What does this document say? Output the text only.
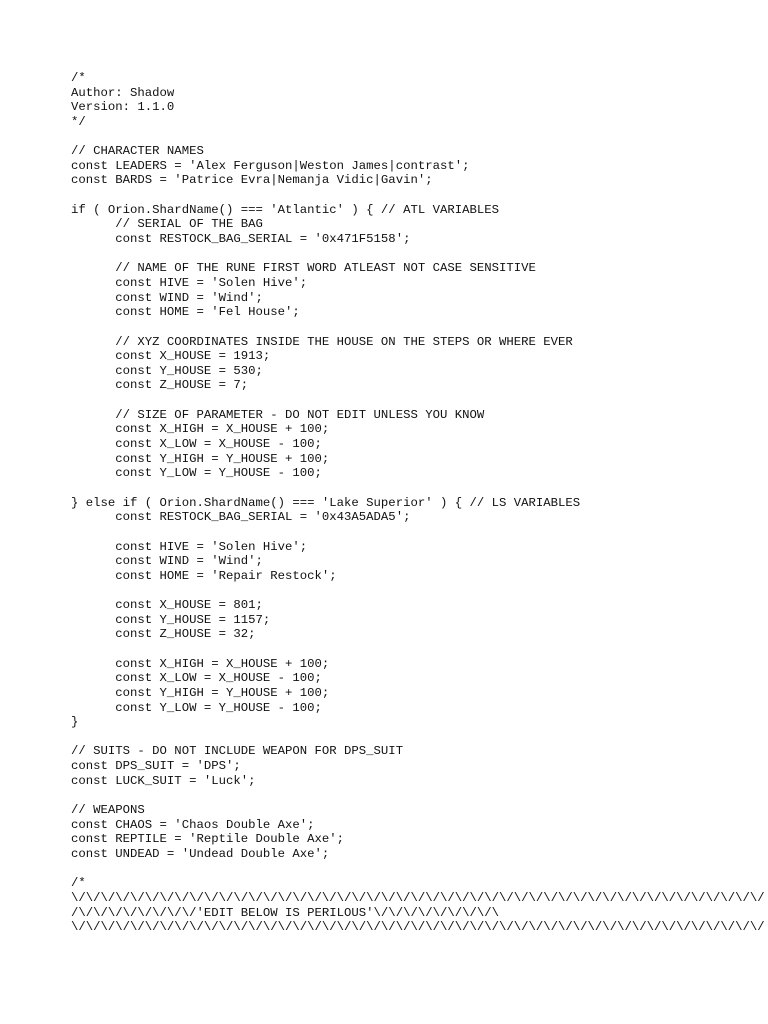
/*
Author: Shadow
Version: 1.1.0
*/
// CHARACTER NAMES
const LEADERS = 'Alex Ferguson|Weston James|contrast';
const BARDS = 'Patrice Evra|Nemanja Vidic|Gavin';
if ( Orion.ShardName() === 'Atlantic' ) { // ATL VARIABLES
// SERIAL OF THE BAG
const RESTOCK_BAG_SERIAL = '0x471F5158';
// NAME OF THE RUNE FIRST WORD ATLEAST NOT CASE SENSITIVE
const HIVE = 'Solen Hive';
const WIND = 'Wind';
const HOME = 'Fel House';
// XYZ COORDINATES INSIDE THE HOUSE ON THE STEPS OR WHERE EVER
const X_HOUSE = 1913;
const Y_HOUSE = 530;
const Z_HOUSE = 7;
// SIZE OF PARAMETER - DO NOT EDIT UNLESS YOU KNOW
const X_HIGH = X_HOUSE + 100;
const X_LOW = X_HOUSE - 100;
const Y_HIGH = Y_HOUSE + 100;
const Y_LOW = Y_HOUSE - 100;
} else if ( Orion.ShardName() === 'Lake Superior' ) { // LS VARIABLES
const RESTOCK_BAG_SERIAL = '0x43A5ADA5';
const HIVE = 'Solen Hive';
const WIND = 'Wind';
const HOME = 'Repair Restock';
const X_HOUSE = 801;
const Y_HOUSE = 1157;
const Z_HOUSE = 32;
const X_HIGH = X_HOUSE + 100;
const X_LOW = X_HOUSE - 100;
const Y_HIGH = Y_HOUSE + 100;
const Y_LOW = Y_HOUSE - 100;
}
// SUITS - DO NOT INCLUDE WEAPON FOR DPS_SUIT
const DPS_SUIT = 'DPS';
const LUCK_SUIT = 'Luck';
// WEAPONS
const CHAOS = 'Chaos Double Axe';
const REPTILE = 'Reptile Double Axe';
const UNDEAD = 'Undead Double Axe';
/*
\/\/\/\/\/\/\/\/\/\/\/\/\/\/\/\/\/\/\/\/\/\/\/\/\/\/\/\/\/\/\/\/\/\/\/\/\/\/\/\/\/\/\/\/\/\/\/
/\/\/\/\/\/\/\/\/'EDIT BELOW IS PERILOUS'\/\/\/\/\/\/\/\/\
\/\/\/\/\/\/\/\/\/\/\/\/\/\/\/\/\/\/\/\/\/\/\/\/\/\/\/\/\/\/\/\/\/\/\/\/\/\/\/\/\/\/\/\/\/\/\/
